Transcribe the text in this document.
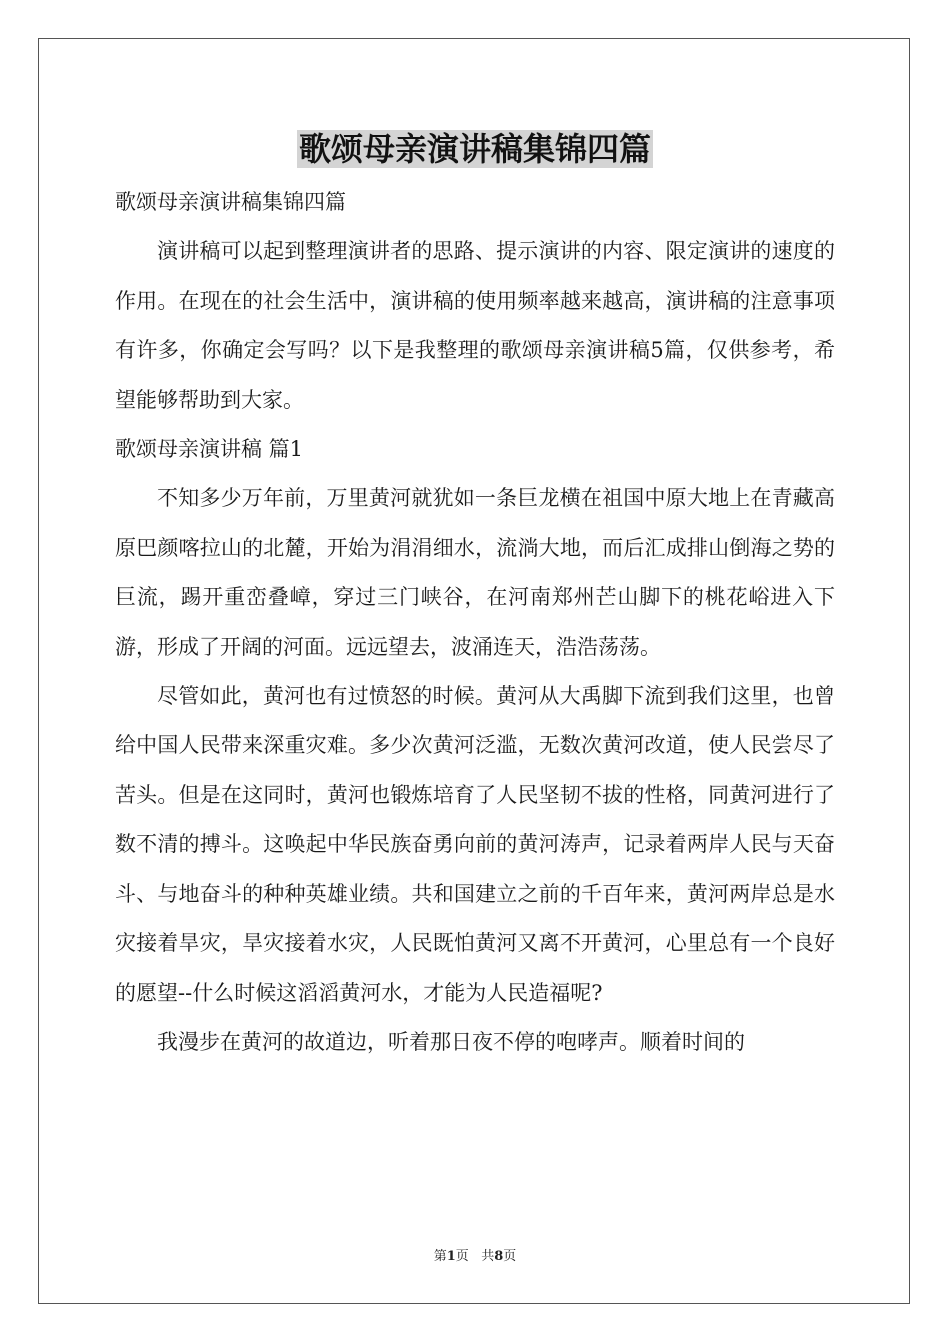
歌颂母亲演讲稿集锦四篇

歌颂母亲演讲稿集锦四篇

演讲稿可以起到整理演讲者的思路、提示演讲的内容、限定演讲的速度的作用。在现在的社会生活中，演讲稿的使用频率越来越高，演讲稿的注意事项有许多，你确定会写吗？以下是我整理的歌颂母亲演讲稿5篇，仅供参考，希望能够帮助到大家。

歌颂母亲演讲稿 篇1

不知多少万年前，万里黄河就犹如一条巨龙横在祖国中原大地上在青藏高原巴颜喀拉山的北麓，开始为涓涓细水，流淌大地，而后汇成排山倒海之势的巨流，踢开重峦叠嶂，穿过三门峡谷，在河南郑州芒山脚下的桃花峪进入下游，形成了开阔的河面。远远望去，波涌连天，浩浩荡荡。

尽管如此，黄河也有过愤怒的时候。黄河从大禹脚下流到我们这里，也曾给中国人民带来深重灾难。多少次黄河泛滥，无数次黄河改道，使人民尝尽了苦头。但是在这同时，黄河也锻炼培育了人民坚韧不拔的性格，同黄河进行了数不清的搏斗。这唤起中华民族奋勇向前的黄河涛声，记录着两岸人民与天奋斗、与地奋斗的种种英雄业绩。共和国建立之前的千百年来，黄河两岸总是水灾接着旱灾，旱灾接着水灾，人民既怕黄河又离不开黄河，心里总有一个良好的愿望--什么时候这滔滔黄河水，才能为人民造福呢?

我漫步在黄河的故道边，听着那日夜不停的咆哮声。顺着时间的

第1页 共8页
